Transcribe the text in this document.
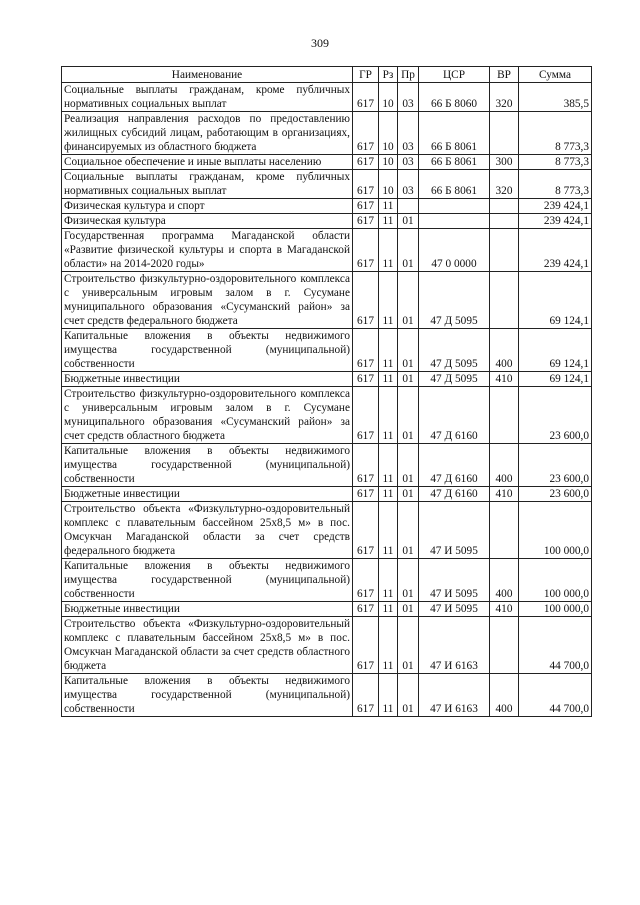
309
Наименование	ГР	Рз	Пр	ЦСР	ВР	Сумма
Социальные выплаты гражданам, кроме публичных нормативных социальных выплат	617	10	03	66 Б 8060	320	385,5
Реализация направления расходов по предоставлению жилищных субсидий лицам, работающим в организациях, финансируемых из областного бюджета	617	10	03	66 Б 8061		8 773,3
Социальное обеспечение и иные выплаты населению	617	10	03	66 Б 8061	300	8 773,3
Социальные выплаты гражданам, кроме публичных нормативных социальных выплат	617	10	03	66 Б 8061	320	8 773,3
Физическая культура и спорт	617	11				239 424,1
Физическая культура	617	11	01			239 424,1
Государственная программа Магаданской области «Развитие физической культуры и спорта в Магаданской области» на 2014-2020 годы»	617	11	01	47 0 0000		239 424,1
Строительство физкультурно-оздоровительного комплекса с универсальным игровым залом в г. Сусумане муниципального образования «Сусуманский район» за счет средств федерального бюджета	617	11	01	47 Д 5095		69 124,1
Капитальные вложения в объекты недвижимого имущества государственной (муниципальной) собственности	617	11	01	47 Д 5095	400	69 124,1
Бюджетные инвестиции	617	11	01	47 Д 5095	410	69 124,1
Строительство физкультурно-оздоровительного комплекса с универсальным игровым залом в г. Сусумане муниципального образования «Сусуманский район» за счет средств областного бюджета	617	11	01	47 Д 6160		23 600,0
Капитальные вложения в объекты недвижимого имущества государственной (муниципальной) собственности	617	11	01	47 Д 6160	400	23 600,0
Бюджетные инвестиции	617	11	01	47 Д 6160	410	23 600,0
Строительство объекта «Физкультурно-оздоровительный комплекс с плавательным бассейном 25х8,5 м» в пос. Омсукчан Магаданской области за счет средств федерального бюджета	617	11	01	47 И 5095		100 000,0
Капитальные вложения в объекты недвижимого имущества государственной (муниципальной) собственности	617	11	01	47 И 5095	400	100 000,0
Бюджетные инвестиции	617	11	01	47 И 5095	410	100 000,0
Строительство объекта «Физкультурно-оздоровительный комплекс с плавательным бассейном 25х8,5 м» в пос. Омсукчан Магаданской области за счет средств областного бюджета	617	11	01	47 И 6163		44 700,0
Капитальные вложения в объекты недвижимого имущества государственной (муниципальной) собственности	617	11	01	47 И 6163	400	44 700,0
